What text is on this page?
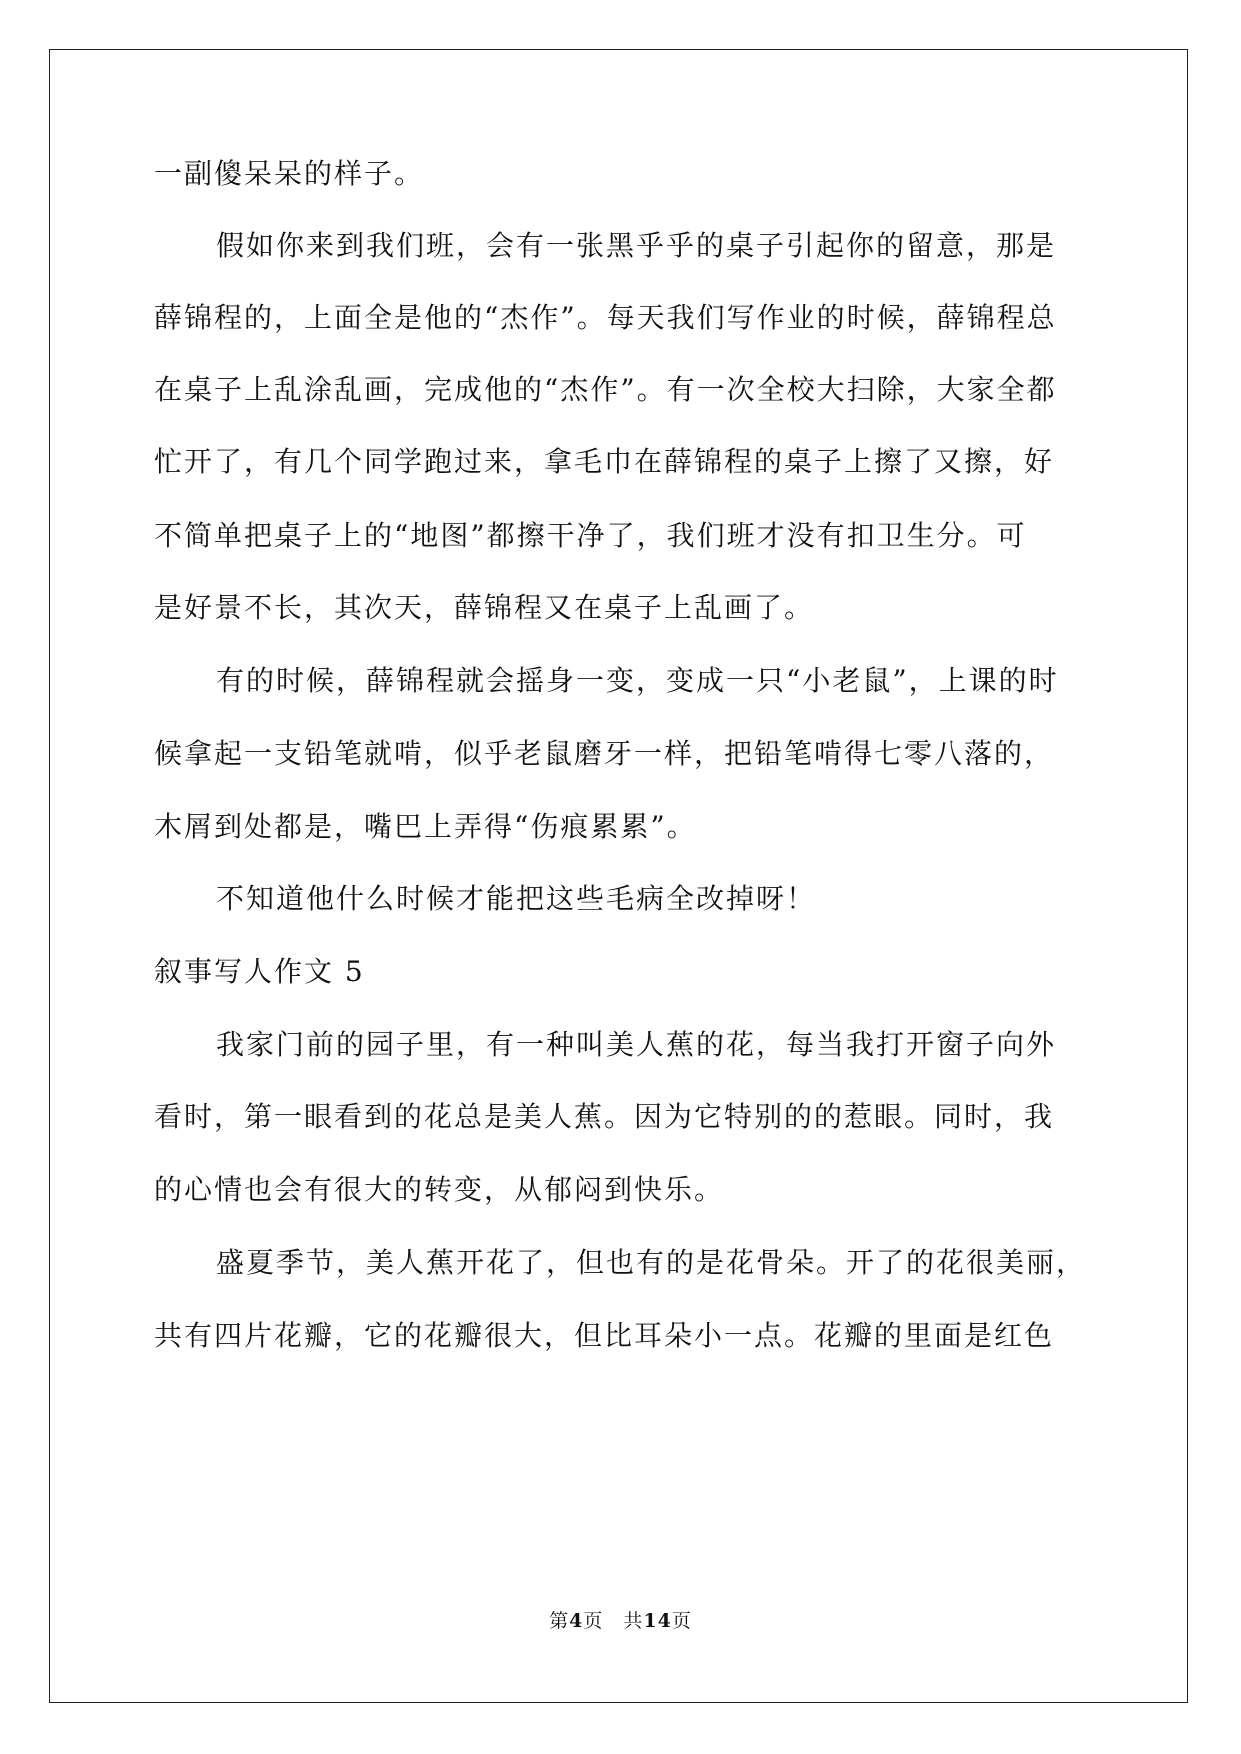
一副傻呆呆的样子。

假如你来到我们班，会有一张黑乎乎的桌子引起你的留意，那是

薛锦程的，上面全是他的“杰作”。每天我们写作业的时候，薛锦程总

在桌子上乱涂乱画，完成他的“杰作”。有一次全校大扫除，大家全都

忙开了，有几个同学跑过来，拿毛巾在薛锦程的桌子上擦了又擦，好

不简单把桌子上的“地图”都擦干净了，我们班才没有扣卫生分。可

是好景不长，其次天，薛锦程又在桌子上乱画了。

有的时候，薛锦程就会摇身一变，变成一只“小老鼠”，上课的时

候拿起一支铅笔就啃，似乎老鼠磨牙一样，把铅笔啃得七零八落的，

木屑到处都是，嘴巴上弄得“伤痕累累”。

不知道他什么时候才能把这些毛病全改掉呀！

叙事写人作文 5

我家门前的园子里，有一种叫美人蕉的花，每当我打开窗子向外

看时，第一眼看到的花总是美人蕉。因为它特别的的惹眼。同时，我

的心情也会有很大的转变，从郁闷到快乐。

盛夏季节，美人蕉开花了，但也有的是花骨朵。开了的花很美丽，

共有四片花瓣，它的花瓣很大，但比耳朵小一点。花瓣的里面是红色

第4页　共14页
